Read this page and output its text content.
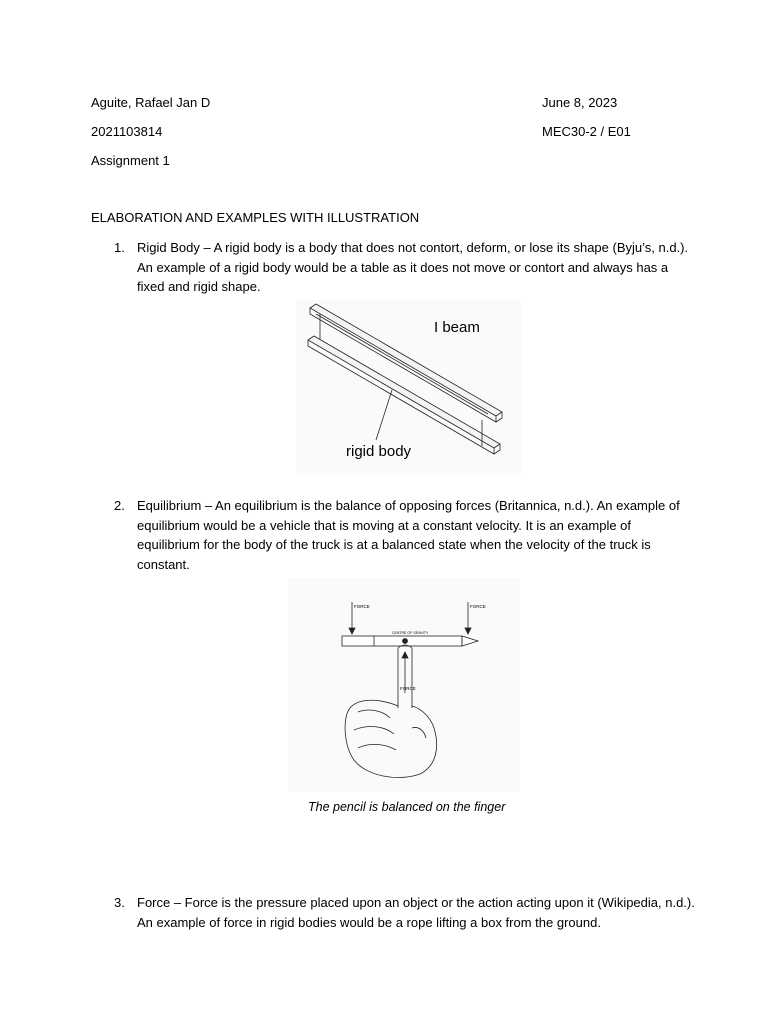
Aguite, Rafael Jan D	June 8, 2023
2021103814	MEC30-2 / E01
Assignment 1
ELABORATION AND EXAMPLES WITH ILLUSTRATION
1. Rigid Body – A rigid body is a body that does not contort, deform, or lose its shape (Byju’s, n.d.).
An example of a rigid body would be a table as it does not move or contort and always has a
fixed and rigid shape.
I beam
rigid body
2. Equilibrium – An equilibrium is the balance of opposing forces (Britannica, n.d.). An example of
equilibrium would be a vehicle that is moving at a constant velocity. It is an example of
equilibrium for the body of the truck is at a balanced state when the velocity of the truck is
constant.
FORCE	FORCE
CENTRE OF GRAVITY
FORCE
The pencil is balanced on the finger
3. Force – Force is the pressure placed upon an object or the action acting upon it (Wikipedia, n.d.).
An example of force in rigid bodies would be a rope lifting a box from the ground.
